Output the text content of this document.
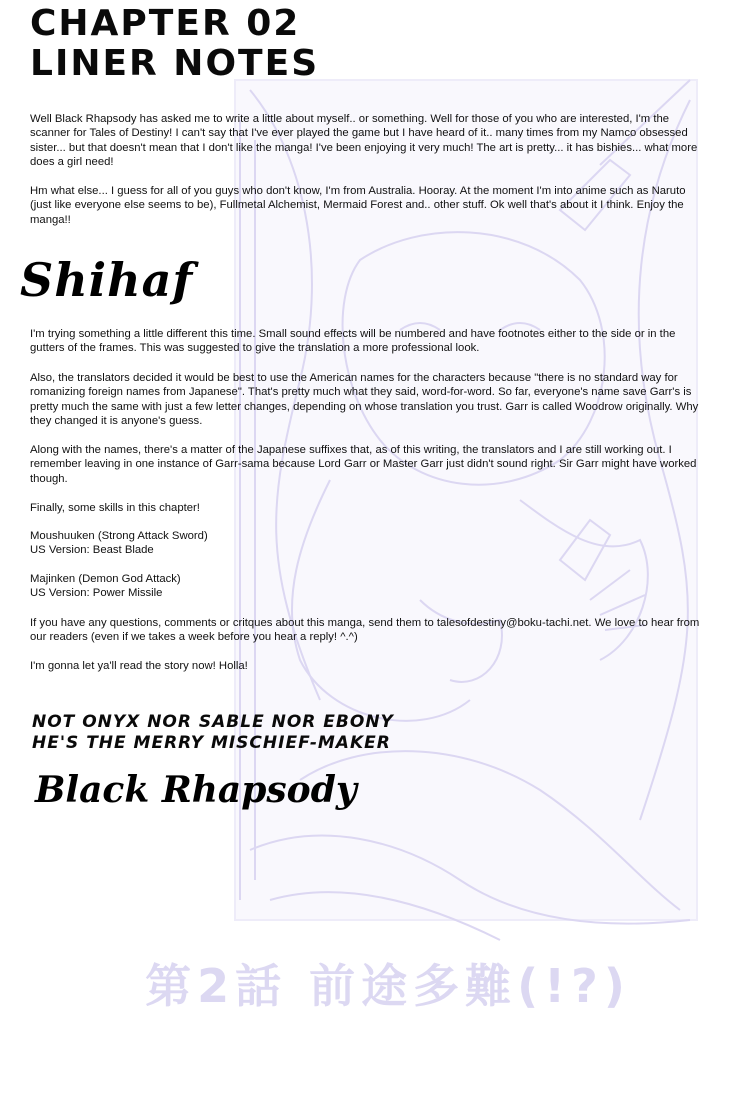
CHAPTER 02
LINER NOTES

Well Black Rhapsody has asked me to write a little about myself.. or something. Well for those of you who are interested, I'm the scanner for Tales of Destiny! I can't say that I've ever played the game but I have heard of it.. many times from my Namco obsessed sister... but that doesn't mean that I don't like the manga! I've been enjoying it very much! The art is pretty... it has bishies... what more does a girl need!

Hm what else... I guess for all of you guys who don't know, I'm from Australia. Hooray. At the moment I'm into anime such as Naruto (just like everyone else seems to be), Fullmetal Alchemist, Mermaid Forest and.. other stuff. Ok well that's about it I think. Enjoy the manga!!

Shihaf

I'm trying something a little different this time. Small sound effects will be numbered and have footnotes either to the side or in the gutters of the frames. This was suggested to give the translation a more professional look.

Also, the translators decided it would be best to use the American names for the characters because "there is no standard way for romanizing foreign names from Japanese". That's pretty much what they said, word-for-word. So far, everyone's name save Garr's is pretty much the same with just a few letter changes, depending on whose translation you trust. Garr is called Woodrow originally. Why they changed it is anyone's guess.

Along with the names, there's a matter of the Japanese suffixes that, as of this writing, the translators and I are still working out. I remember leaving in one instance of Garr-sama because Lord Garr or Master Garr just didn't sound right. Sir Garr might have worked though.

Finally, some skills in this chapter!

Moushuuken (Strong Attack Sword)
US Version: Beast Blade

Majinken (Demon God Attack)
US Version: Power Missile

If you have any questions, comments or critques about this manga, send them to talesofdestiny@boku-tachi.net. We love to hear from our readers (even if we takes a week before you hear a reply! ^.^)

I'm gonna let ya'll read the story now! Holla!

NOT ONYX NOR SABLE NOR EBONY
HE'S THE MERRY MISCHIEF-MAKER
Black Rhapsody
第2話 前途多難(!?)
